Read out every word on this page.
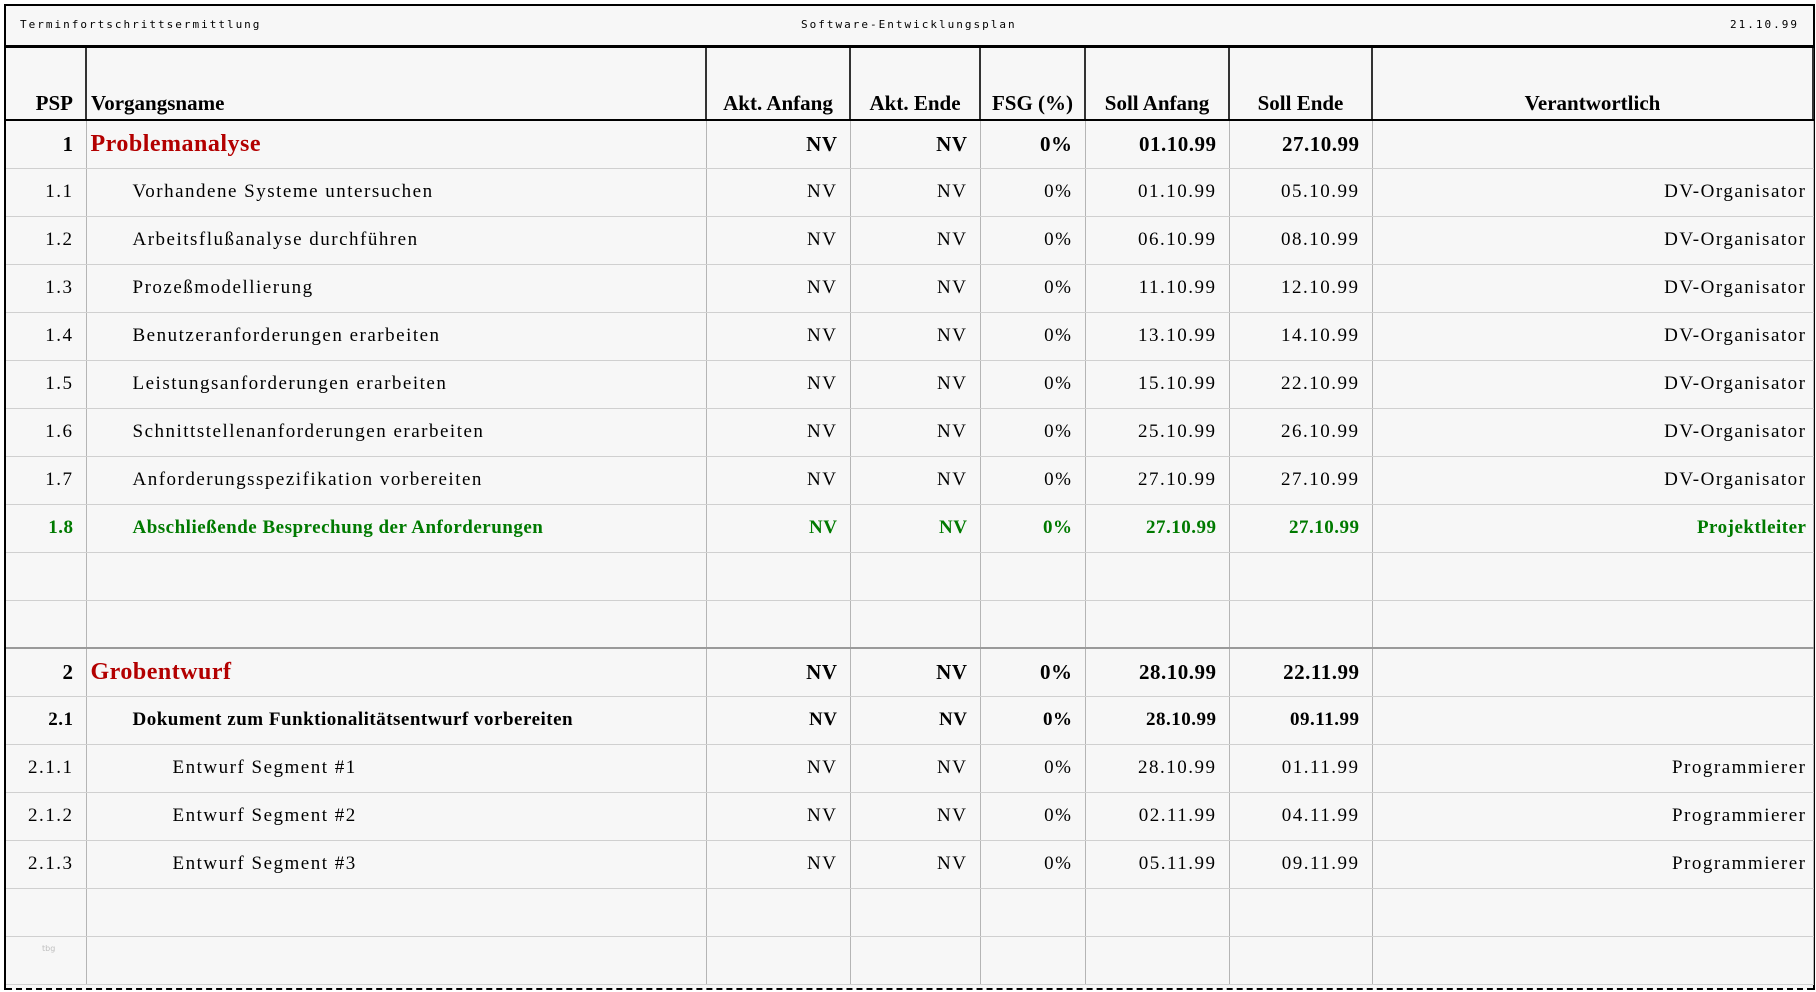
Terminfortschrittsermittlung	Software-Entwicklungsplan	21.10.99
PSP	Vorgangsname	Akt. Anfang	Akt. Ende	FSG (%)	Soll Anfang	Soll Ende	Verantwortlich
1	Problemanalyse	NV	NV	0%	01.10.99	27.10.99	
1.1	Vorhandene Systeme untersuchen	NV	NV	0%	01.10.99	05.10.99	DV-Organisator
1.2	Arbeitsflußanalyse durchführen	NV	NV	0%	06.10.99	08.10.99	DV-Organisator
1.3	Prozeßmodellierung	NV	NV	0%	11.10.99	12.10.99	DV-Organisator
1.4	Benutzeranforderungen erarbeiten	NV	NV	0%	13.10.99	14.10.99	DV-Organisator
1.5	Leistungsanforderungen erarbeiten	NV	NV	0%	15.10.99	22.10.99	DV-Organisator
1.6	Schnittstellenanforderungen erarbeiten	NV	NV	0%	25.10.99	26.10.99	DV-Organisator
1.7	Anforderungsspezifikation vorbereiten	NV	NV	0%	27.10.99	27.10.99	DV-Organisator
1.8	Abschließende Besprechung der Anforderungen	NV	NV	0%	27.10.99	27.10.99	Projektleiter

2	Grobentwurf	NV	NV	0%	28.10.99	22.11.99	
2.1	Dokument zum Funktionalitätsentwurf vorbereiten	NV	NV	0%	28.10.99	09.11.99	
2.1.1	Entwurf Segment #1	NV	NV	0%	28.10.99	01.11.99	Programmierer
2.1.2	Entwurf Segment #2	NV	NV	0%	02.11.99	04.11.99	Programmierer
2.1.3	Entwurf Segment #3	NV	NV	0%	05.11.99	09.11.99	Programmierer

tbg
